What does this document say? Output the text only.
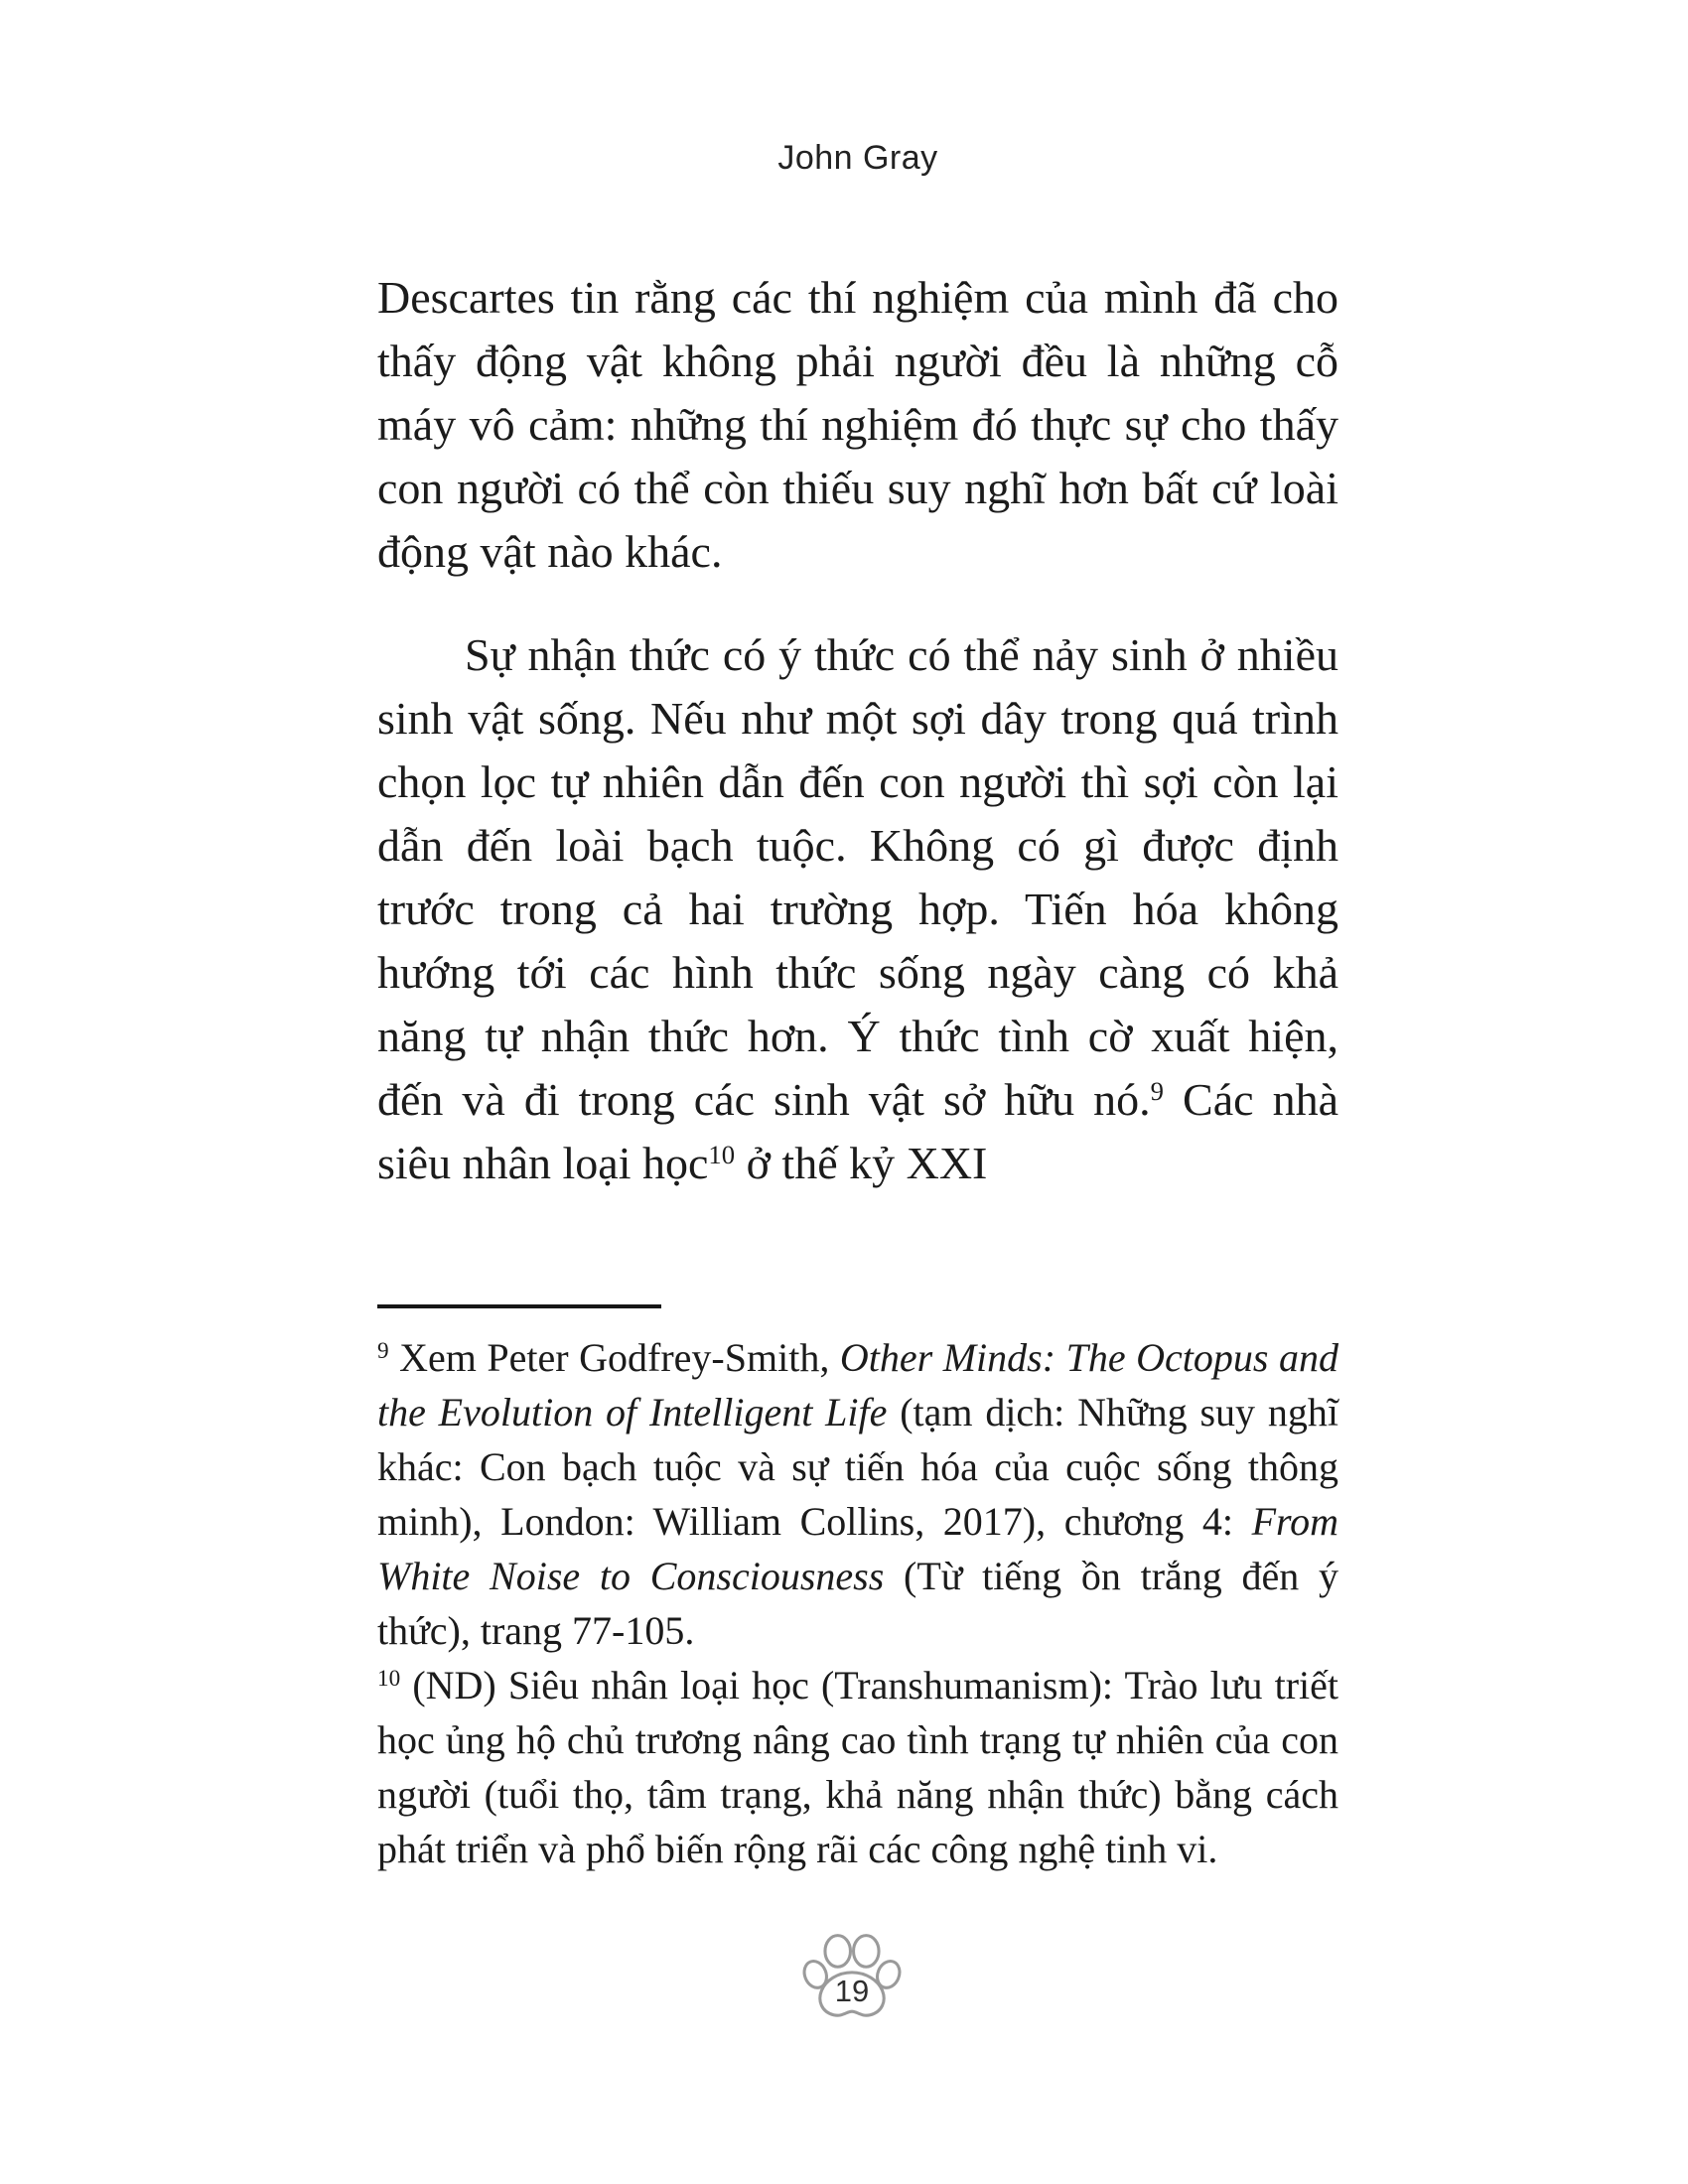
John Gray

Descartes tin rằng các thí nghiệm của mình đã cho thấy động vật không phải người đều là những cỗ máy vô cảm: những thí nghiệm đó thực sự cho thấy con người có thể còn thiếu suy nghĩ hơn bất cứ loài động vật nào khác.

Sự nhận thức có ý thức có thể nảy sinh ở nhiều sinh vật sống. Nếu như một sợi dây trong quá trình chọn lọc tự nhiên dẫn đến con người thì sợi còn lại dẫn đến loài bạch tuộc. Không có gì được định trước trong cả hai trường hợp. Tiến hóa không hướng tới các hình thức sống ngày càng có khả năng tự nhận thức hơn. Ý thức tình cờ xuất hiện, đến và đi trong các sinh vật sở hữu nó.$^9$ Các nhà siêu nhân loại học$^{10}$ ở thế kỷ XXI

$^9$ Xem Peter Godfrey-Smith, Other Minds: The Octopus and the Evolution of Intelligent Life (tạm dịch: Những suy nghĩ khác: Con bạch tuộc và sự tiến hóa của cuộc sống thông minh), London: William Collins, 2017), chương 4: From White Noise to Consciousness (Từ tiếng ồn trắng đến ý thức), trang 77-105.

$^{10}$ (ND) Siêu nhân loại học (Transhumanism): Trào lưu triết học ủng hộ chủ trương nâng cao tình trạng tự nhiên của con người (tuổi thọ, tâm trạng, khả năng nhận thức) bằng cách phát triển và phổ biến rộng rãi các công nghệ tinh vi.

19
